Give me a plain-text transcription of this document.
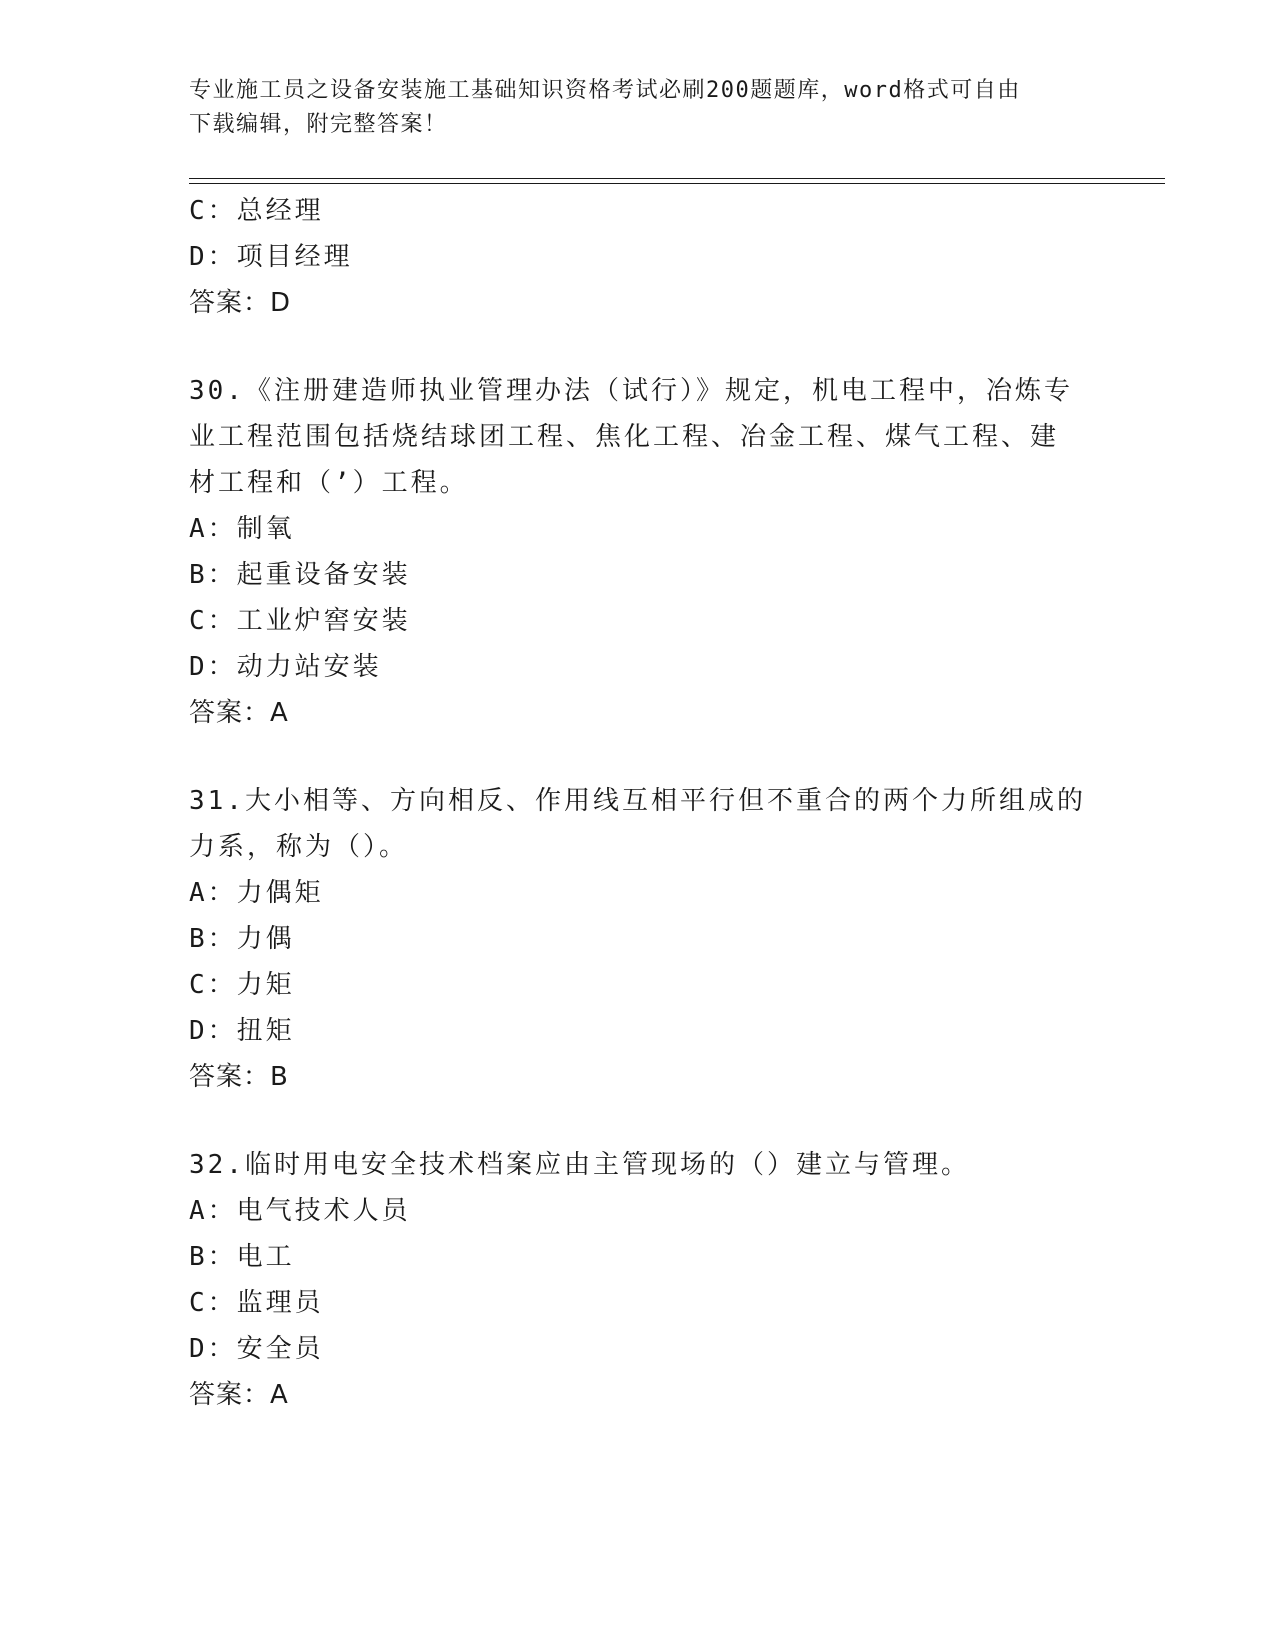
专业施工员之设备安装施工基础知识资格考试必刷200题题库，word格式可自由
下载编辑，附完整答案！
C：总经理
D：项目经理
答案：D
30.《注册建造师执业管理办法（试行）》规定，机电工程中，冶炼专
业工程范围包括烧结球团工程、焦化工程、冶金工程、煤气工程、建
材工程和（’）工程。
A：制氧
B：起重设备安装
C：工业炉窖安装
D：动力站安装
答案：A
31.大小相等、方向相反、作用线互相平行但不重合的两个力所组成的
力系，称为（）。
A：力偶矩
B：力偶
C：力矩
D：扭矩
答案：B
32.临时用电安全技术档案应由主管现场的（）建立与管理。
A：电气技术人员
B：电工
C：监理员
D：安全员
答案：A
